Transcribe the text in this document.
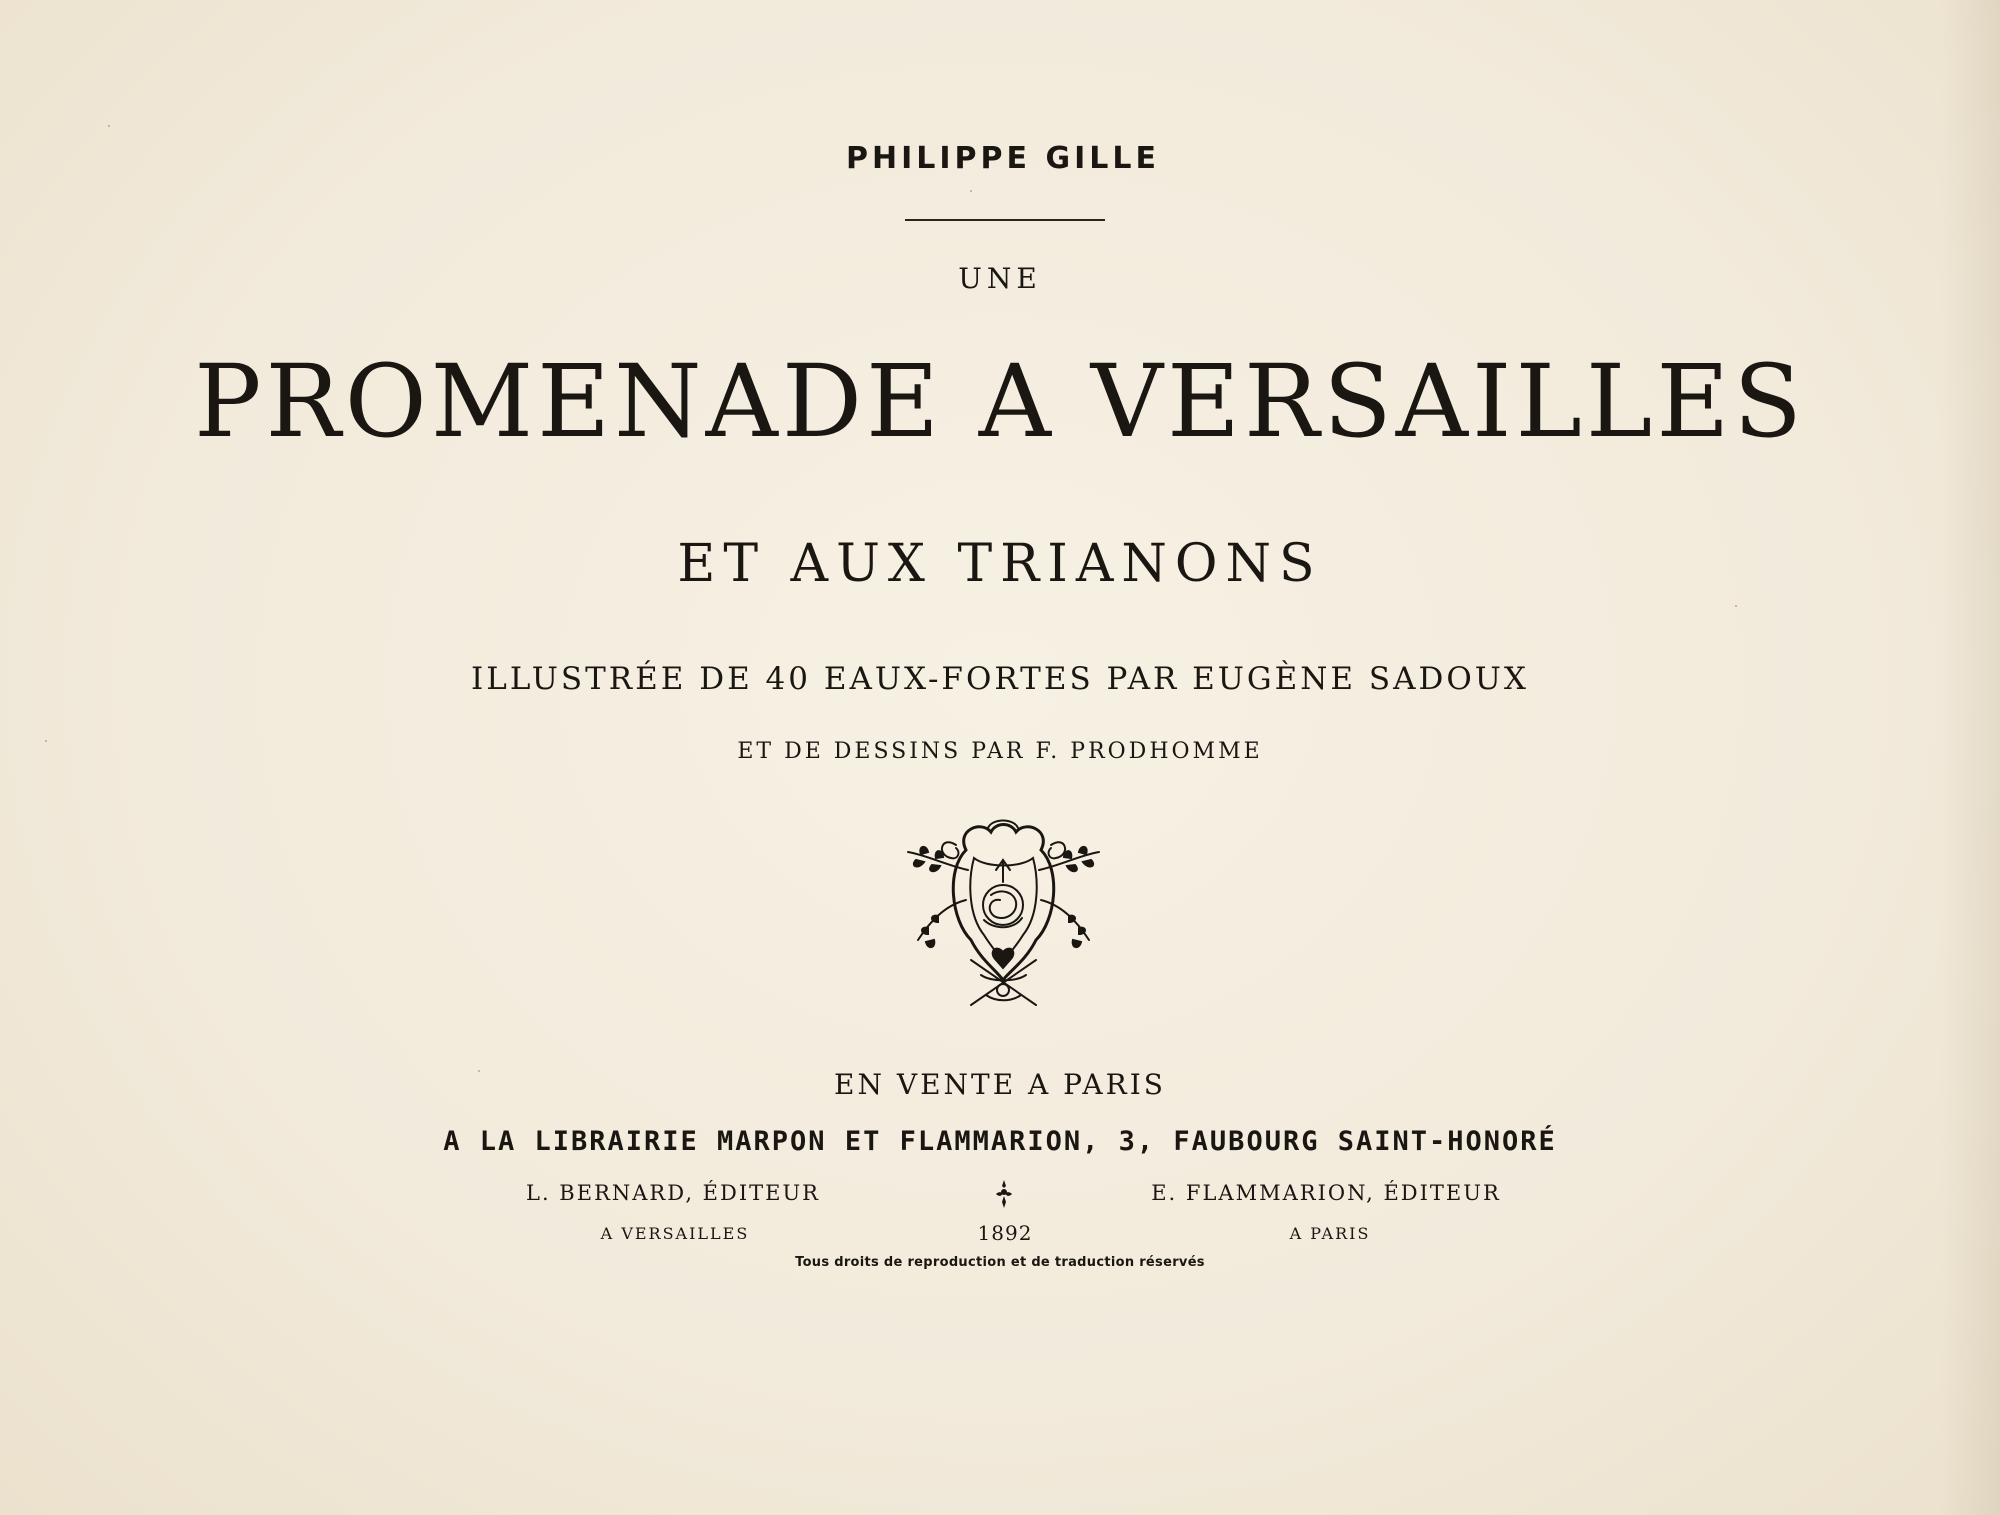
PHILIPPE GILLE
UNE
PROMENADE A VERSAILLES
ET AUX TRIANONS
ILLUSTRÉE DE 40 EAUX-FORTES PAR EUGÈNE SADOUX
ET DE DESSINS PAR F. PRODHOMME
EN VENTE A PARIS
A LA LIBRAIRIE MARPON ET FLAMMARION, 3, FAUBOURG SAINT-HONORÉ
L. BERNARD, ÉDITEUR	E. FLAMMARION, ÉDITEUR
A VERSAILLES	1892	A PARIS
Tous droits de reproduction et de traduction réservés
